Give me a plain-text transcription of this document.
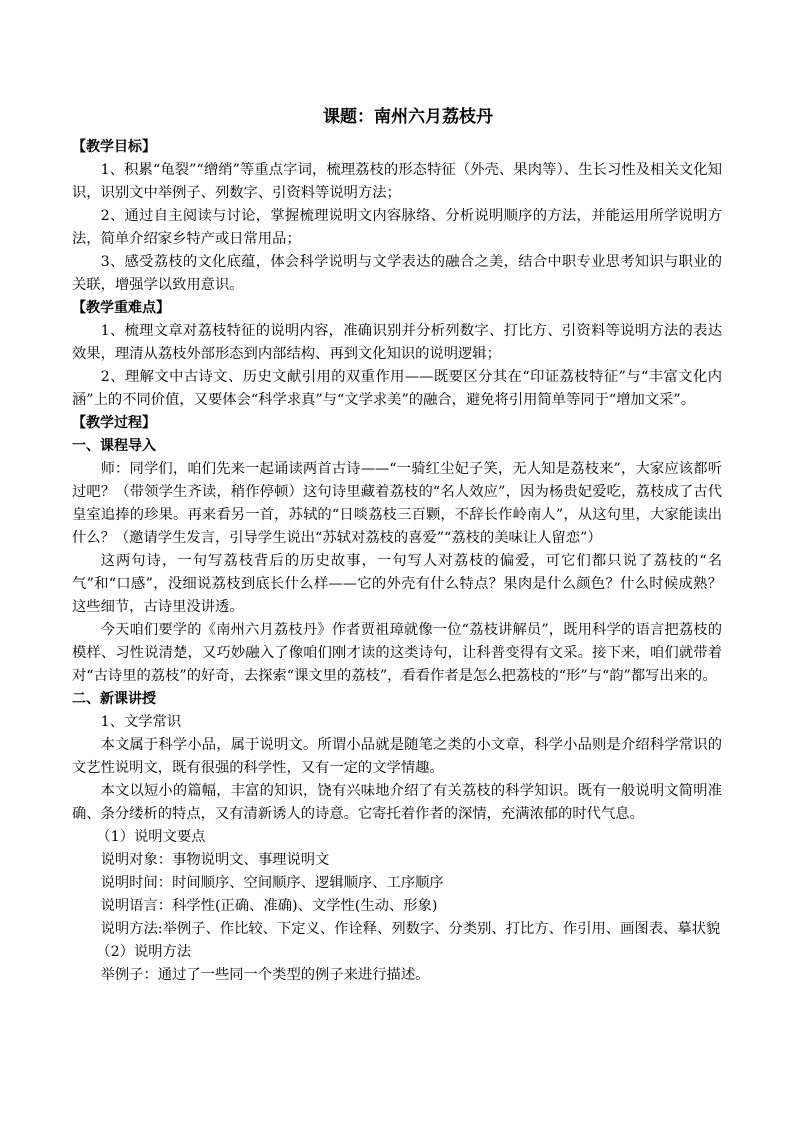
课题：南州六月荔枝丹
【教学目标】

1、积累“龟裂”“缯绡”等重点字词，梳理荔枝的形态特征（外壳、果肉等）、生长习性及相关文化知识，识别文中举例子、列数字、引资料等说明方法；

2、通过自主阅读与讨论，掌握梳理说明文内容脉络、分析说明顺序的方法，并能运用所学说明方法，简单介绍家乡特产或日常用品；

3、感受荔枝的文化底蕴，体会科学说明与文学表达的融合之美，结合中职专业思考知识与职业的关联，增强学以致用意识。

【教学重难点】

1、梳理文章对荔枝特征的说明内容，准确识别并分析列数字、打比方、引资料等说明方法的表达效果，理清从荔枝外部形态到内部结构、再到文化知识的说明逻辑；

2、理解文中古诗文、历史文献引用的双重作用——既要区分其在“印证荔枝特征”与“丰富文化内涵”上的不同价值，又要体会“科学求真”与“文学求美”的融合，避免将引用简单等同于“增加文采”。

【教学过程】
一、课程导入

师：同学们，咱们先来一起诵读两首古诗——“一骑红尘妃子笑，无人知是荔枝来”，大家应该都听过吧？（带领学生齐读，稍作停顿）这句诗里藏着荔枝的“名人效应”，因为杨贵妃爱吃，荔枝成了古代皇室追捧的珍果。再来看另一首，苏轼的“日啖荔枝三百颗，不辞长作岭南人”，从这句里，大家能读出什么？（邀请学生发言，引导学生说出“苏轼对荔枝的喜爱”“荔枝的美味让人留恋”）

这两句诗，一句写荔枝背后的历史故事，一句写人对荔枝的偏爱，可它们都只说了荔枝的“名气”和“口感”，没细说荔枝到底长什么样——它的外壳有什么特点？果肉是什么颜色？什么时候成熟？这些细节，古诗里没讲透。

今天咱们要学的《南州六月荔枝丹》作者贾祖璋就像一位“荔枝讲解员”，既用科学的语言把荔枝的模样、习性说清楚，又巧妙融入了像咱们刚才读的这类诗句，让科普变得有文采。接下来，咱们就带着对“古诗里的荔枝”的好奇，去探索“课文里的荔枝”，看看作者是怎么把荔枝的“形”与“韵”都写出来的。

二、新课讲授

1、文学常识

本文属于科学小品，属于说明文。所谓小品就是随笔之类的小文章，科学小品则是介绍科学常识的文艺性说明文，既有很强的科学性，又有一定的文学情趣。

本文以短小的篇幅，丰富的知识，饶有兴味地介绍了有关荔枝的科学知识。既有一般说明文简明准确、条分缕析的特点，又有清新诱人的诗意。它寄托着作者的深情，充满浓郁的时代气息。

（1）说明文要点

说明对象：事物说明文、事理说明文

说明时间：时间顺序、空间顺序、逻辑顺序、工序顺序

说明语言：科学性(正确、准确)、文学性(生动、形象)

说明方法:举例子、作比较、下定义、作诠释、列数字、分类别、打比方、作引用、画图表、摹状貌

（2）说明方法

举例子：通过了一些同一个类型的例子来进行描述。
